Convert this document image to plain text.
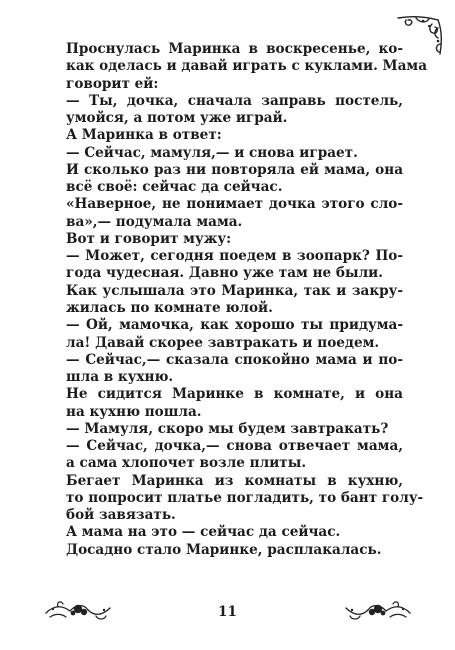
Проснулась Маринка в воскресенье, ко-
как оделась и давай играть с куклами. Мама
говорит ей:
— Ты, дочка, сначала заправь постель,
умойся, а потом уже играй.
А Маринка в ответ:
— Сейчас, мамуля,— и снова играет.
И сколько раз ни повторяла ей мама, она
всё своё: сейчас да сейчас.
«Наверное, не понимает дочка этого сло-
ва»,— подумала мама.
Вот и говорит мужу:
— Может, сегодня поедем в зоопарк? По-
года чудесная. Давно уже там не были.
Как услышала это Маринка, так и закру-
жилась по комнате юлой.
— Ой, мамочка, как хорошо ты придума-
ла! Давай скорее завтракать и поедем.
— Сейчас,— сказала спокойно мама и по-
шла в кухню.
Не сидится Маринке в комнате, и она
на кухню пошла.
— Мамуля, скоро мы будем завтракать?
— Сейчас, дочка,— снова отвечает мама,
а сама хлопочет возле плиты.
Бегает Маринка из комнаты в кухню,
то попросит платье погладить, то бант голу-
бой завязать.
А мама на это — сейчас да сейчас.
Досадно стало Маринке, расплакалась.
11
